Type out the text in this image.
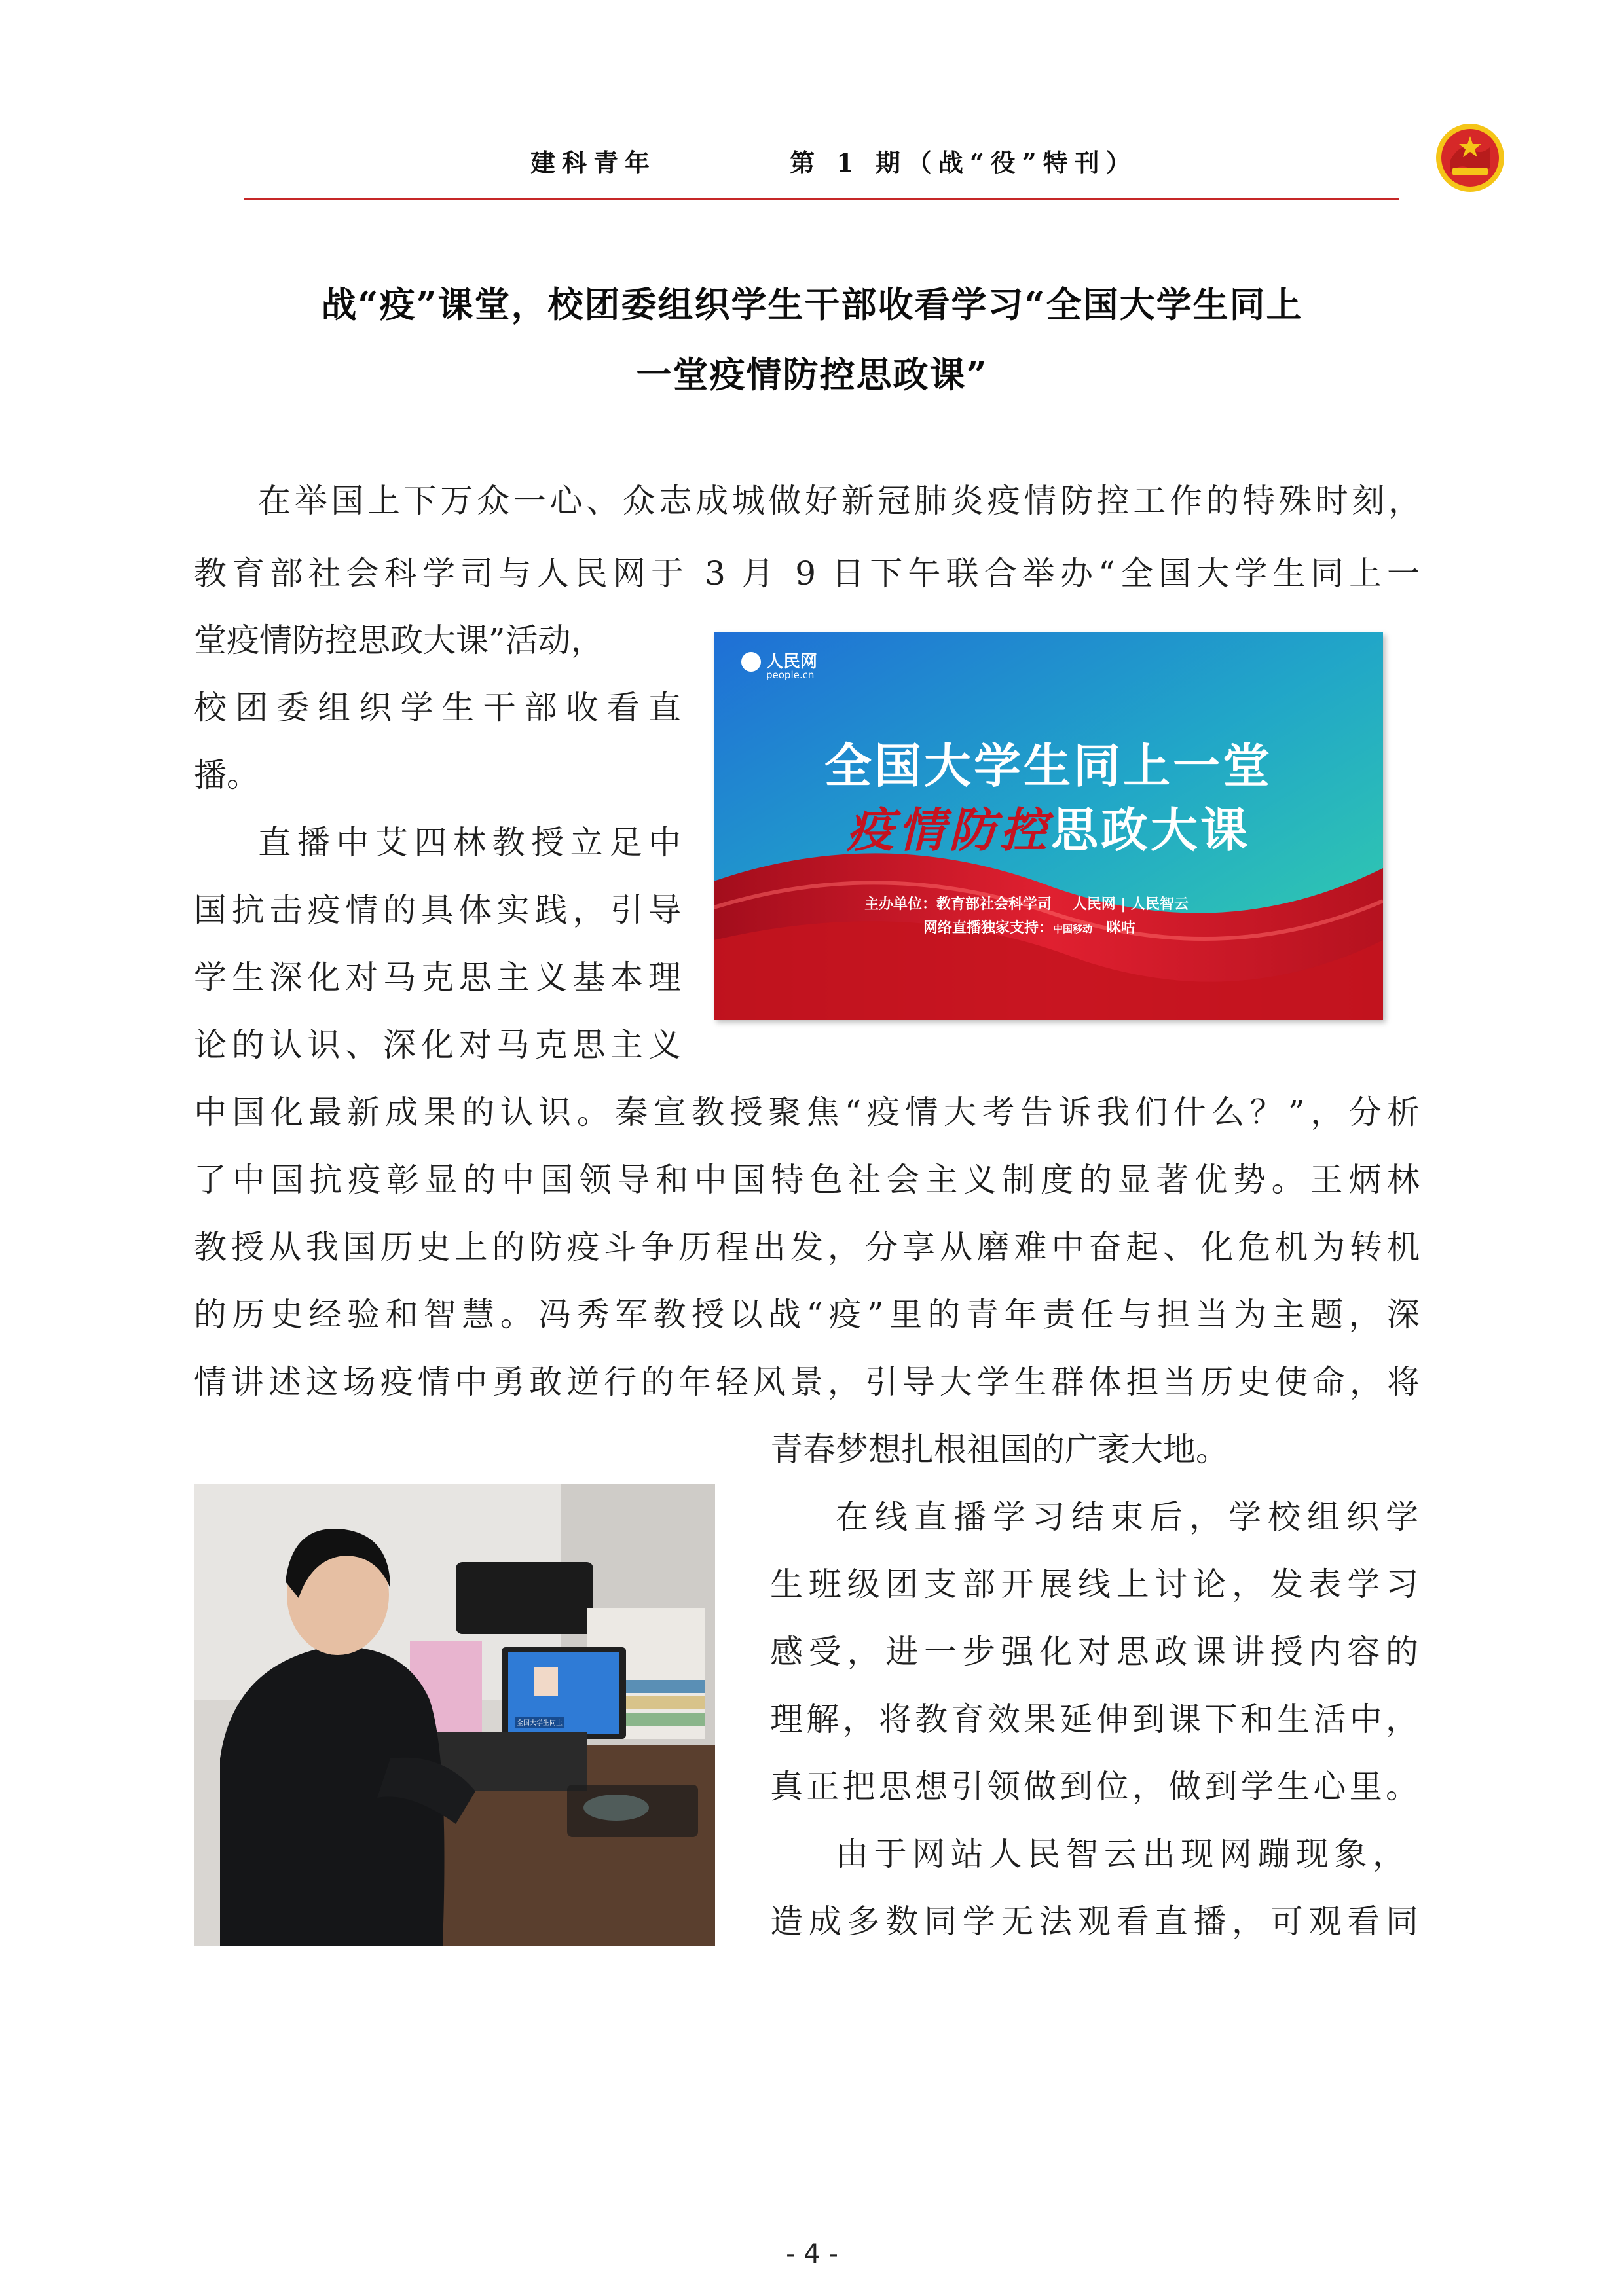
建科青年	第 1 期（战“役”特刊）
战“疫”课堂，校团委组织学生干部收看学习“全国大学生同上
一堂疫情防控思政课”
在举国上下万众一心、众志成城做好新冠肺炎疫情防控工作的特殊时刻，
教育部社会科学司与人民网于 3 月 9 日下午联合举办“全国大学生同上一
堂疫情防控思政大课”活动，
校团委组织学生干部收看直
播。
直播中艾四林教授立足中
国抗击疫情的具体实践，引导
学生深化对马克思主义基本理
论的认识、深化对马克思主义
中国化最新成果的认识。秦宣教授聚焦“疫情大考告诉我们什么？”，分析
了中国抗疫彰显的中国领导和中国特色社会主义制度的显著优势。王炳林
教授从我国历史上的防疫斗争历程出发，分享从磨难中奋起、化危机为转机
的历史经验和智慧。冯秀军教授以战“疫”里的青年责任与担当为主题，深
情讲述这场疫情中勇敢逆行的年轻风景，引导大学生群体担当历史使命，将
青春梦想扎根祖国的广袤大地。
在线直播学习结束后，学校组织学
生班级团支部开展线上讨论，发表学习
感受，进一步强化对思政课讲授内容的
理解，将教育效果延伸到课下和生活中，
真正把思想引领做到位，做到学生心里。
由于网站人民智云出现网蹦现象，
造成多数同学无法观看直播，可观看同
人民网
people.cn
全国大学生同上一堂
疫情防控思政大课
主办单位：教育部社会科学司 人民网 | 人民智云
网络直播独家支持：中国移动 咪咕
全国大学生同上
- 4 -
